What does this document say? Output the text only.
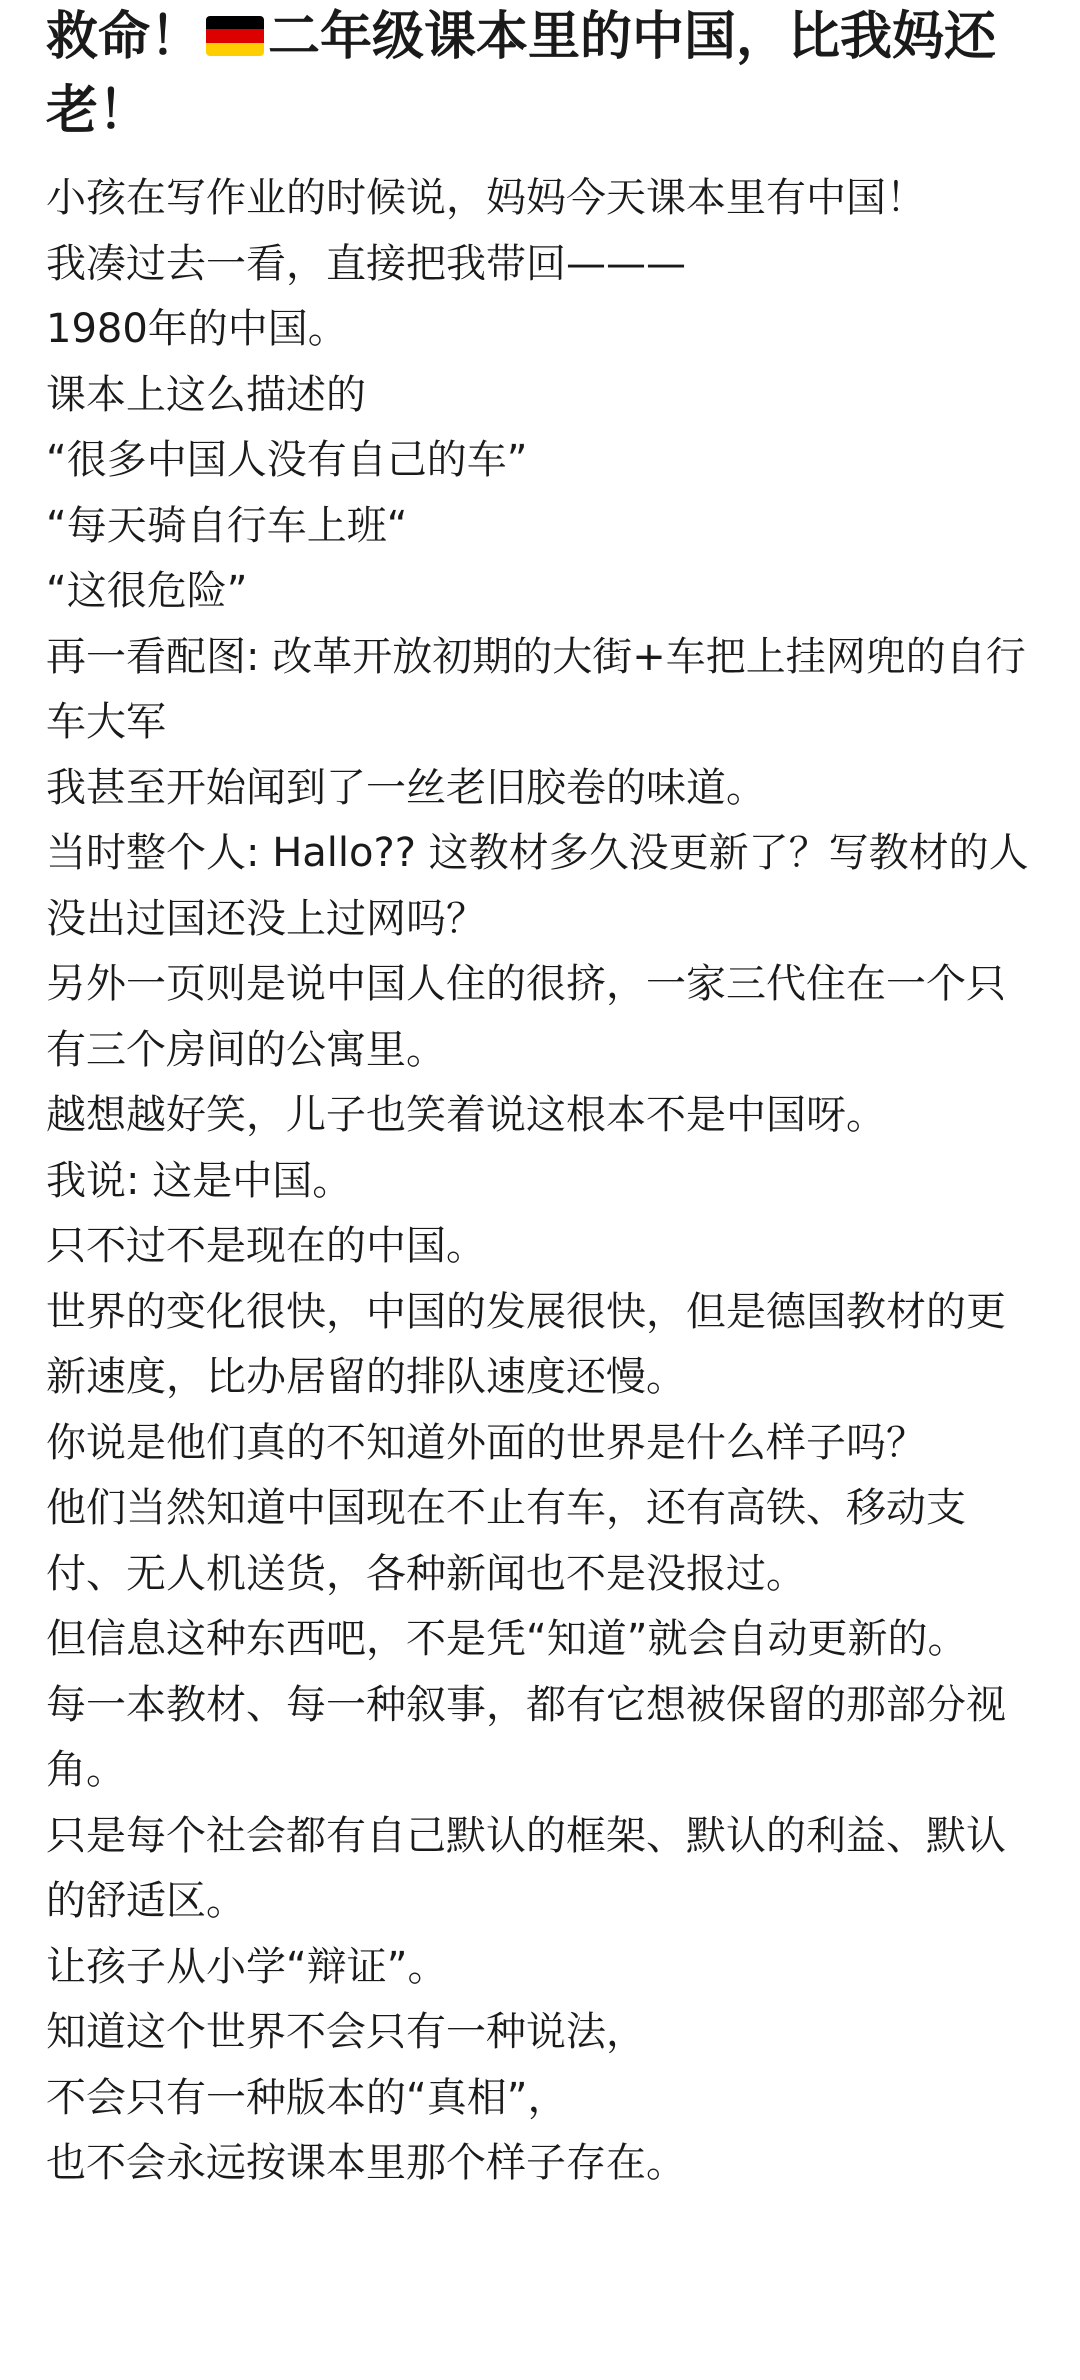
救命！ 二年级课本里的中国，比我妈还老！

小孩在写作业的时候说，妈妈今天课本里有中国！

我凑过去一看，直接把我带回———

1980年的中国。

课本上这么描述的

“很多中国人没有自己的车”

“每天骑自行车上班“

“这很危险”

再一看配图: 改革开放初期的大街+车把上挂网兜的自行车大军

我甚至开始闻到了一丝老旧胶卷的味道。

当时整个人: Hallo?? 这教材多久没更新了？写教材的人没出过国还没上过网吗？

另外一页则是说中国人住的很挤，一家三代住在一个只有三个房间的公寓里。

越想越好笑，儿子也笑着说这根本不是中国呀。

我说: 这是中国。

只不过不是现在的中国。

世界的变化很快，中国的发展很快，但是德国教材的更新速度，比办居留的排队速度还慢。

你说是他们真的不知道外面的世界是什么样子吗？

他们当然知道中国现在不止有车，还有高铁、移动支付、无人机送货，各种新闻也不是没报过。

但信息这种东西吧，不是凭“知道”就会自动更新的。

每一本教材、每一种叙事，都有它想被保留的那部分视角。

只是每个社会都有自己默认的框架、默认的利益、默认的舒适区。

让孩子从小学“辩证”。

知道这个世界不会只有一种说法，

不会只有一种版本的“真相”，

也不会永远按课本里那个样子存在。
